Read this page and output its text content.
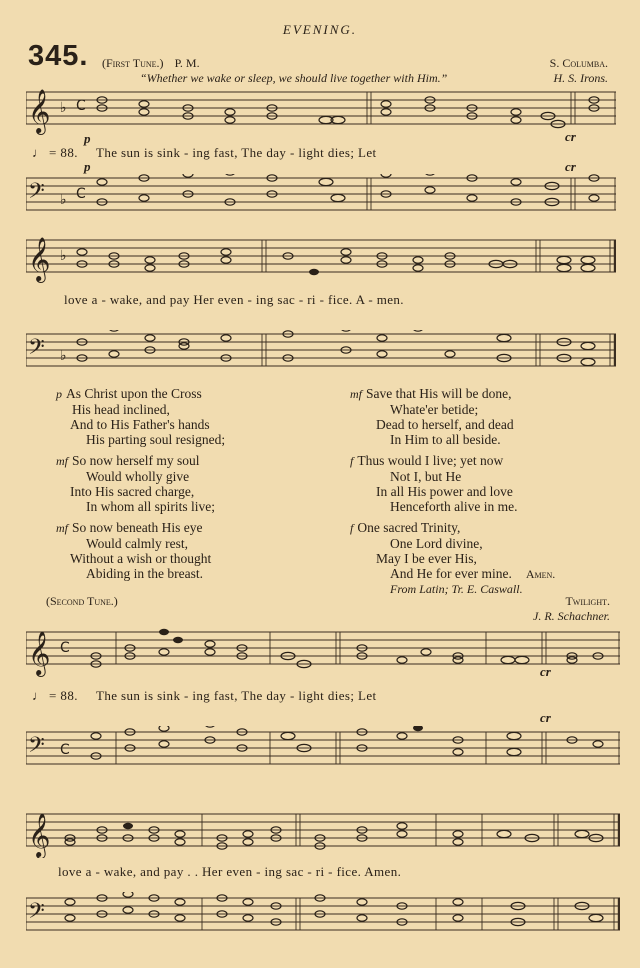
EVENING.
345. (First Tune.) P. M.	S. Columba.
“Whether we wake or sleep, we should live together with Him.”	H. S. Irons.
𝄞 ♭ C
p	cr
♩ = 88. The sun is sink - ing fast, The day - light dies; Let
p	cr
𝄢 ♭ C
𝄞 ♭
love a - wake, and pay Her even - ing sac - ri - fice. A - men.
𝄢 ♭
p As Christ upon the Cross
His head inclined,
And to His Father's hands
His parting soul resigned;
mf So now herself my soul
Would wholly give
Into His sacred charge,
In whom all spirits live;
mf So now beneath His eye
Would calmly rest,
Without a wish or thought
Abiding in the breast.
mf Save that His will be done,
Whate'er betide;
Dead to herself, and dead
In Him to all beside.
f Thus would I live; yet now
Not I, but He
In all His power and love
Henceforth alive in me.
f One sacred Trinity,
One Lord divine,
May I be ever His,
And He for ever mine. Amen.
From Latin; Tr. E. Caswall.
(Second Tune.)	Twilight.
J. R. Schachner.
𝄞 C
cr
♩ = 88. The sun is sink - ing fast, The day - light dies; Let
cr
𝄢 C
𝄞
love a - wake, and pay . . Her even - ing sac - ri - fice. Amen.
𝄢
